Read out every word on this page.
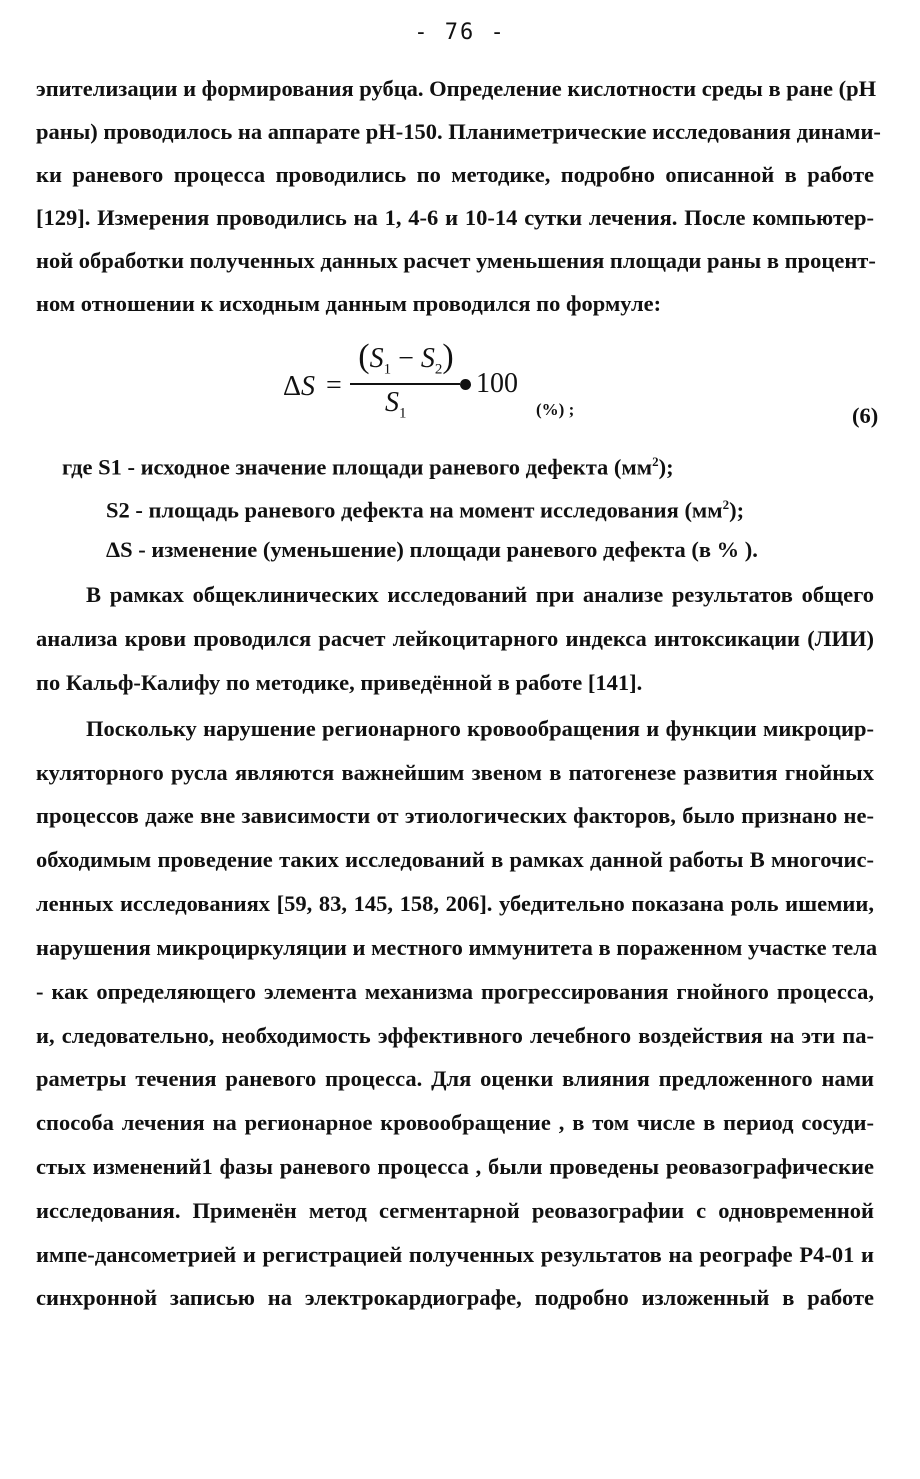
- 76 -
эпителизации и формирования рубца. Определение кислотности среды в ране (рН
раны) проводилось на аппарате рН-150. Планиметрические исследования динами-
ки раневого процесса проводились по методике, подробно описанной в работе
[129]. Измерения проводились на 1, 4-6 и 10-14 сутки лечения. После компьютер-
ной обработки полученных данных расчет уменьшения площади раны в процент-
ном отношении к исходным данным проводился по формуле:
ΔS =
$(S_1 - S_2)$
$S_1$
100
(%) ;	(6)
где S1 - исходное значение площади раневого дефекта $(мм^2)$;
S2 - площадь раневого дефекта на момент исследования $(мм^2)$;
ΔS - изменение (уменьшение) площади раневого дефекта (в % ).
В рамках общеклинических исследований при анализе результатов общего
анализа крови проводился расчет лейкоцитарного индекса интоксикации (ЛИИ)
по Кальф-Калифу по методике, приведённой в работе [141].
Поскольку нарушение регионарного кровообращения и функции микроцир-
куляторного русла являются важнейшим звеном в патогенезе развития гнойных
процессов даже вне зависимости от этиологических факторов, было признано не-
обходимым проведение таких исследований в рамках данной работы В многочис-
ленных исследованиях [59, 83, 145, 158, 206]. убедительно показана роль ишемии,
нарушения микроциркуляции и местного иммунитета в пораженном участке тела
- как определяющего элемента механизма прогрессирования гнойного процесса,
и, следовательно, необходимость эффективного лечебного воздействия на эти па-
раметры течения раневого процесса. Для оценки влияния предложенного нами
способа лечения на регионарное кровообращение , в том числе в период сосуди-
стых изменений1 фазы раневого процесса , были проведены реовазографические
исследования. Применён метод сегментарной реовазографии с одновременной
импе-дансометрией и регистрацией полученных результатов на реографе Р4-01 и
синхронной записью на электрокардиографе, подробно изложенный в работе
